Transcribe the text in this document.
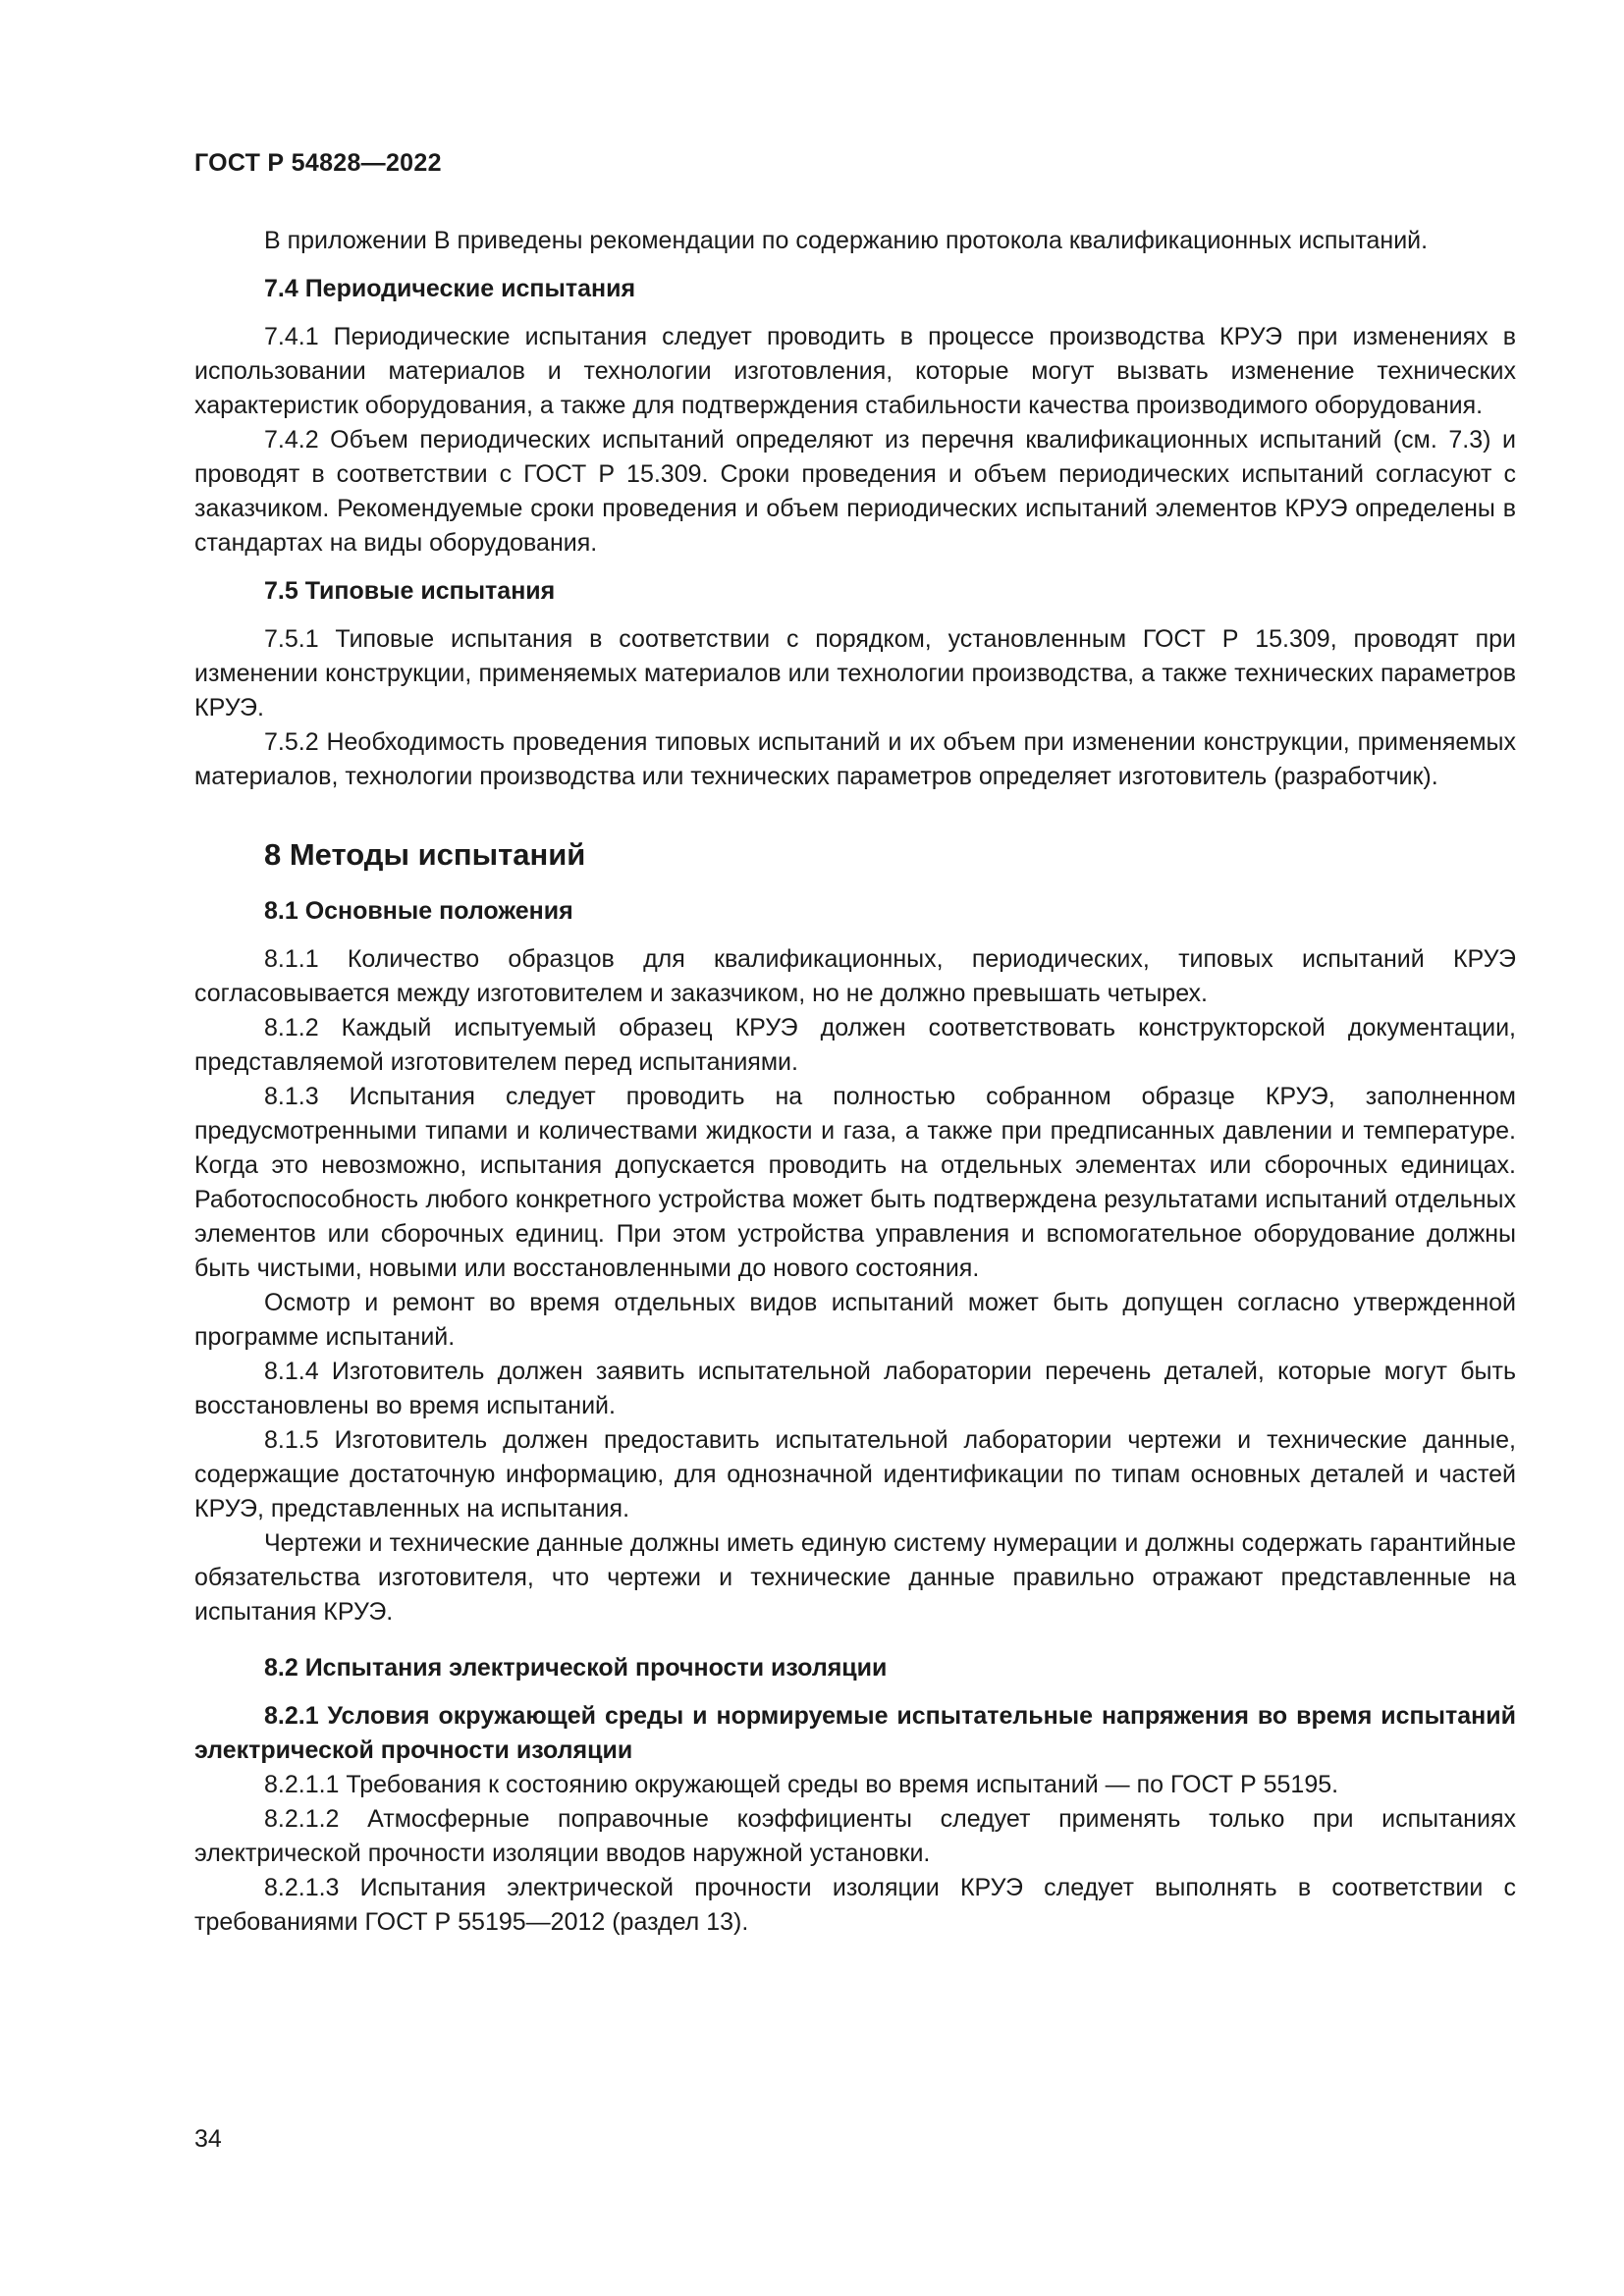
ГОСТ Р 54828—2022

В приложении В приведены рекомендации по содержанию протокола квалификационных испытаний.

7.4 Периодические испытания

7.4.1 Периодические испытания следует проводить в процессе производства КРУЭ при изменениях в использовании материалов и технологии изготовления, которые могут вызвать изменение технических характеристик оборудования, а также для подтверждения стабильности качества производимого оборудования.

7.4.2 Объем периодических испытаний определяют из перечня квалификационных испытаний (см. 7.3) и проводят в соответствии с ГОСТ Р 15.309. Сроки проведения и объем периодических испытаний согласуют с заказчиком. Рекомендуемые сроки проведения и объем периодических испытаний элементов КРУЭ определены в стандартах на виды оборудования.

7.5 Типовые испытания

7.5.1 Типовые испытания в соответствии с порядком, установленным ГОСТ Р 15.309, проводят при изменении конструкции, применяемых материалов или технологии производства, а также технических параметров КРУЭ.

7.5.2 Необходимость проведения типовых испытаний и их объем при изменении конструкции, применяемых материалов, технологии производства или технических параметров определяет изготовитель (разработчик).

8 Методы испытаний
8.1 Основные положения

8.1.1 Количество образцов для квалификационных, периодических, типовых испытаний КРУЭ согласовывается между изготовителем и заказчиком, но не должно превышать четырех.

8.1.2 Каждый испытуемый образец КРУЭ должен соответствовать конструкторской документации, представляемой изготовителем перед испытаниями.

8.1.3 Испытания следует проводить на полностью собранном образце КРУЭ, заполненном предусмотренными типами и количествами жидкости и газа, а также при предписанных давлении и температуре. Когда это невозможно, испытания допускается проводить на отдельных элементах или сборочных единицах. Работоспособность любого конкретного устройства может быть подтверждена результатами испытаний отдельных элементов или сборочных единиц. При этом устройства управления и вспомогательное оборудование должны быть чистыми, новыми или восстановленными до нового состояния.

Осмотр и ремонт во время отдельных видов испытаний может быть допущен согласно утвержденной программе испытаний.

8.1.4 Изготовитель должен заявить испытательной лаборатории перечень деталей, которые могут быть восстановлены во время испытаний.

8.1.5 Изготовитель должен предоставить испытательной лаборатории чертежи и технические данные, содержащие достаточную информацию, для однозначной идентификации по типам основных деталей и частей КРУЭ, представленных на испытания.

Чертежи и технические данные должны иметь единую систему нумерации и должны содержать гарантийные обязательства изготовителя, что чертежи и технические данные правильно отражают представленные на испытания КРУЭ.

8.2 Испытания электрической прочности изоляции

8.2.1 Условия окружающей среды и нормируемые испытательные напряжения во время испытаний электрической прочности изоляции

8.2.1.1 Требования к состоянию окружающей среды во время испытаний — по ГОСТ Р 55195.

8.2.1.2 Атмосферные поправочные коэффициенты следует применять только при испытаниях электрической прочности изоляции вводов наружной установки.

8.2.1.3 Испытания электрической прочности изоляции КРУЭ следует выполнять в соответствии с требованиями ГОСТ Р 55195—2012 (раздел 13).

34
